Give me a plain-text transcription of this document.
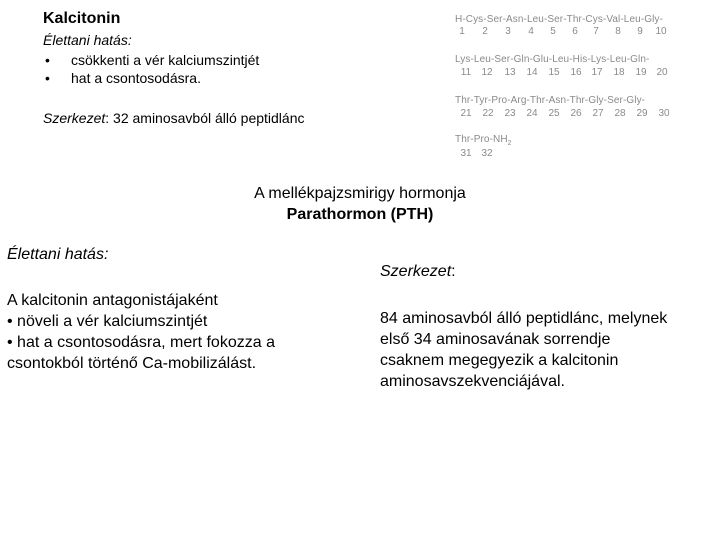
Kalcitonin
Élettani hatás:
• csökkenti a vér kalciumszintjét
• hat a csontosodásra.
Szerkezet: 32 aminosavból álló peptidlánc
H-Cys-Ser-Asn-Leu-Ser-Thr-Cys-Val-Leu-Gly-
1	2	3	4	5	6	7	8	9	10
Lys-Leu-Ser-Gln-Glu-Leu-His-Lys-Leu-Gln-
11	12	13	14	15	16 17	18	19 20
Thr-Tyr-Pro-Arg-Thr-Asn-Thr-Gly-Ser-Gly-
21	22	23	24	25	26	27	28	29	30
Thr-$Pro-NH_2$
31 32
A mellékpajzsmirigy hormonja
Parathormon (PTH)
Élettani hatás:
A kalcitonin antagonistájaként
• növeli a vér kalciumszintjét
• hat a csontosodásra, mert fokozza a
csontokból történő Ca-mobilizálást.
Szerkezet:
84 aminosavból álló peptidlánc, melynek
első 34 aminosavának sorrendje
csaknem megegyezik a kalcitonin
aminosavszekvenciájával.
